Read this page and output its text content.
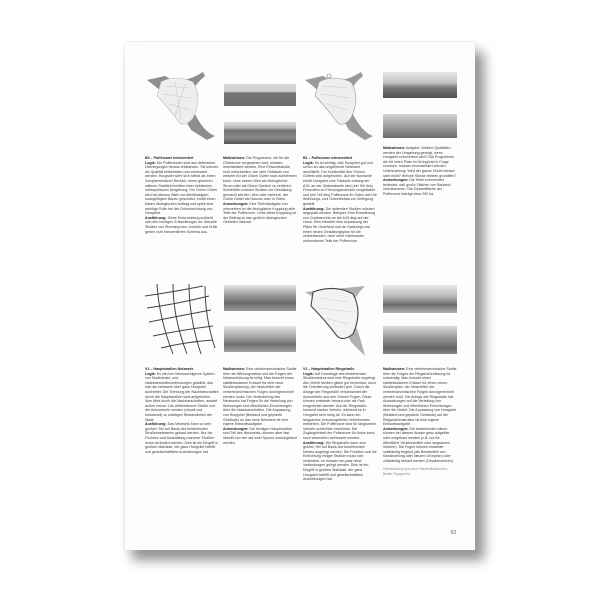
B0 – Pufferzone introvertiert
Logik: Die Pufferzonen sind aus defensiven Überlegungen heraus entstanden. Sie können als Qualität beibehalten und verbessert werden. Hoogvliet sieht sich selbst als einen 'komplementären' Bereich, einen grüneren, stilleren Stadtteil inmitten einer hektischen, metropolitanen Umgebung. Der Grüne Gürtel wird bei diesem Wahl vor überflüssigem, unangefügten Bauen geschützt, erhält einen klaren ökologischen Auftrag und spielt eine wichtige Rolle bei der Grüneinrichtung von Hoogvliet.
Ausführung: Diese Entscheidung schließt sich den heutigen Entwicklungen an. Aktuelle Studien von Stroming bzw. Jourlink und Ürlük gehen vom introvertierten Schema aus.
Maßnahmen: Die Programme, die für die Gürtelzone vorgesehen sind, müssen inventarisiert werden. Eine Entwurfsstudie muß entscheiden, wie viele Gebäude von welcher Art der Grüne Gürtel noch aufnehmen kann, ohne seinen Wert als ökologischer Strom oder als Grüne Gardine zu verlieren. Schließlich müssen Studien zur Gestaltung gemacht werden, eine oder mehrere, der Grüne Gürtel als Ganzes oder in Teilen.
Anmerkungen: Eine Teilentaufgabe von introvertiert ist die ökologische Kopplung aller Teile der Pufferzone. Ohne diese Kopplung ist der Beitrag zu den großen ökologischen Gebieten minimal.
B1 – Pufferzone extrovertiert
Logik: Es ist wichtig, daß Hoogvliet gut und schön an das umgebende Netzwerk anschließt. Der Kontinuität des Grünen Gürtels wird aufgehoben. Auf der Nordseite erhält Hoogvliet eine Fassade entlang der A15, an der Südwestseite wird (ein Teil des) Flussufers zu Erholungszwecken umgestaltet und (ein Teil des) Pufferzone im Osten wird für Wohnungs- und Gewerbebau zur Verfügung gestellt.
Ausführung: Die laufenden Studien müssen angepaßt werden. Beispiel: Eine Erweiterung von Oudeland bis an die A15 liegt auf der Hand. Dies erfordert eine Anpassung der Pläne für Oudeland und de Gaderingt und einen neuen Gestaltungsplan für die verbleibenden, nicht mehr miteinander verbundenen Teile der Pufferzone.
Maßnahmen: Aufgabe: Welche Qualitäten werden der Umgebung gezeigt, wenn Hoogvliet extrovertiert wird? Die Programme, die für einen Platz im Grüngürtel in Frage kommen, müssen inventarisiert werden. Untersuchung: Wird der ganze Gürtel bebaut oder nicht? Welche Stücke bleiben grünöffen?
Anmerkungen: Die Wahl extrovertiert bedeutet, daß große Flächen von Bauland hinzukommen. Die Gesamtfläche der Pufferzone beträgt etwa 200 ha.
V1 – Hauptstraßen Netzwerk
Logik: Es wird ein feinmaschigeres System von Stadtviertel- und Nachbarschaftsverbindungen gewählt, das sich als Netzwerk über ganz Hoogvliet ausbreitet. Die Trennung der Nachbarschaften durch die Hauptstraßen wird aufgehoben. Man fährt durch die Nachbarschaften, anstatt außen herum. Die vielbefahrene Straße und der Autoverkehr werden (visuell und funktionell) zu wichtigen Bestandteilen der Stadt.
Ausführung: Das Netzwerk kann zu sehr großem Teil auf Basis des bestehenden Straßennetzwerks gebaut werden. Nur die Funktion und Ausstattung mancher Straßen muss verändert werden. Dies ist ein Eingriff in großem Maßstab, der ganz Hoogvliet betrifft und gesellschaftliche Auswirkungen hat.
Maßnahmen: Eine verkehrstechnische Studie über die Wirkungsweise und die Folgen der Netzwerklösung ist nötig. Man braucht einen städtebaulichen Entwurf für eine neue Straßenplanung, der hinsichtlich der verkehrstechnischen Folgen durchgerechnet werden muss. Die Veränderung des Netzwerks hat Folgen für die Verteilung von Wohnungen und öffentlichen Einrichtungen über die Nachbarschaften. Die Anpassung von Hoogvliet (Bestand und geplante Gebäude) an das neue Netzwerk ist eine eigene Entwurfsaufgabe.
Anmerkungen: Die heutigen Hauptstraßen sind Teil des Netzwerks, können aber fast überall von vier auf zwei Spuren zurückgebaut werden.
V2 – Hauptstraßen Ringstraße
Logik: Auf Grundlage des bestehenden Straßennetzes wird eine Ringstraße angelegt. Alle Viertel bleiben gleich gut erreichbar, doch die Orientierung verändert sich. Durch die Anlage der Ringstraße verschwindet der Autoverkehr aus den Grünen Fugen. Diese können entweder bebaut oder als Park eingerichtet werden. Auf der Ringstraße herrscht starker Verkehr, während es in Hoogvliet sehr ruhig ist. Es kann ein langsames, kreuzungsfreies Verkehrsnetz entstehen. Die Pufferzone wird für langsamen Verkehr schlechter erreichbar. Die Zugänglichkeit der Pufferzone für Autos kann noch wesentlich verbessert werden.
Ausführung: Die Ringstraße kann zum großen Teil auf Basis des bestehenden Netzes angelegt werden. Die Funktion und die Einrichtung einiger Straßen muss sich verändern, es müssen ein paar neue Verbindungen gelegt werden. Dies ist ein Eingriff in großem Maßstab, der ganz Hoogvliet betrifft und gesellschaftliche Auswirkungen hat.
Maßnahmen: Eine verkehrstechnische Studie über die Folgen der Ringstraßenlösung ist notwendig. Man braucht einen städtebaulichen Entwurf für einen neuen Straßenplan, der hinsichtlich der verkehrstechnischen Folgen durchgerechnet werden muß. Die Anlage der Ringstraße hat Auswirkungen auf die Verteilung von Wohnungen und öffentlichen Einrichtungen über die Viertel. Die Anpassung von Hoogvliet (Bestand und geplante Gebäude) auf die Ringstraßenstruktur ist eine eigene Entwurfsaufgabe.
Anmerkungen: Die bestehenden Alleen können bei diesem Ansatz ganz aufgelöst oder umgebaut werden (z.B. nur für öffentliche Verkehrsmittel oder langsamen Verkehr). Die Fugen können entweder vollständig begrünt (als Bestandteil von Kanalisierung oder Neuem Grünplan) oder vollständig bebaut werden (Gewächsreizen).
Übersetzung aus dem Niederländischen: Beate Rupprecht
53
